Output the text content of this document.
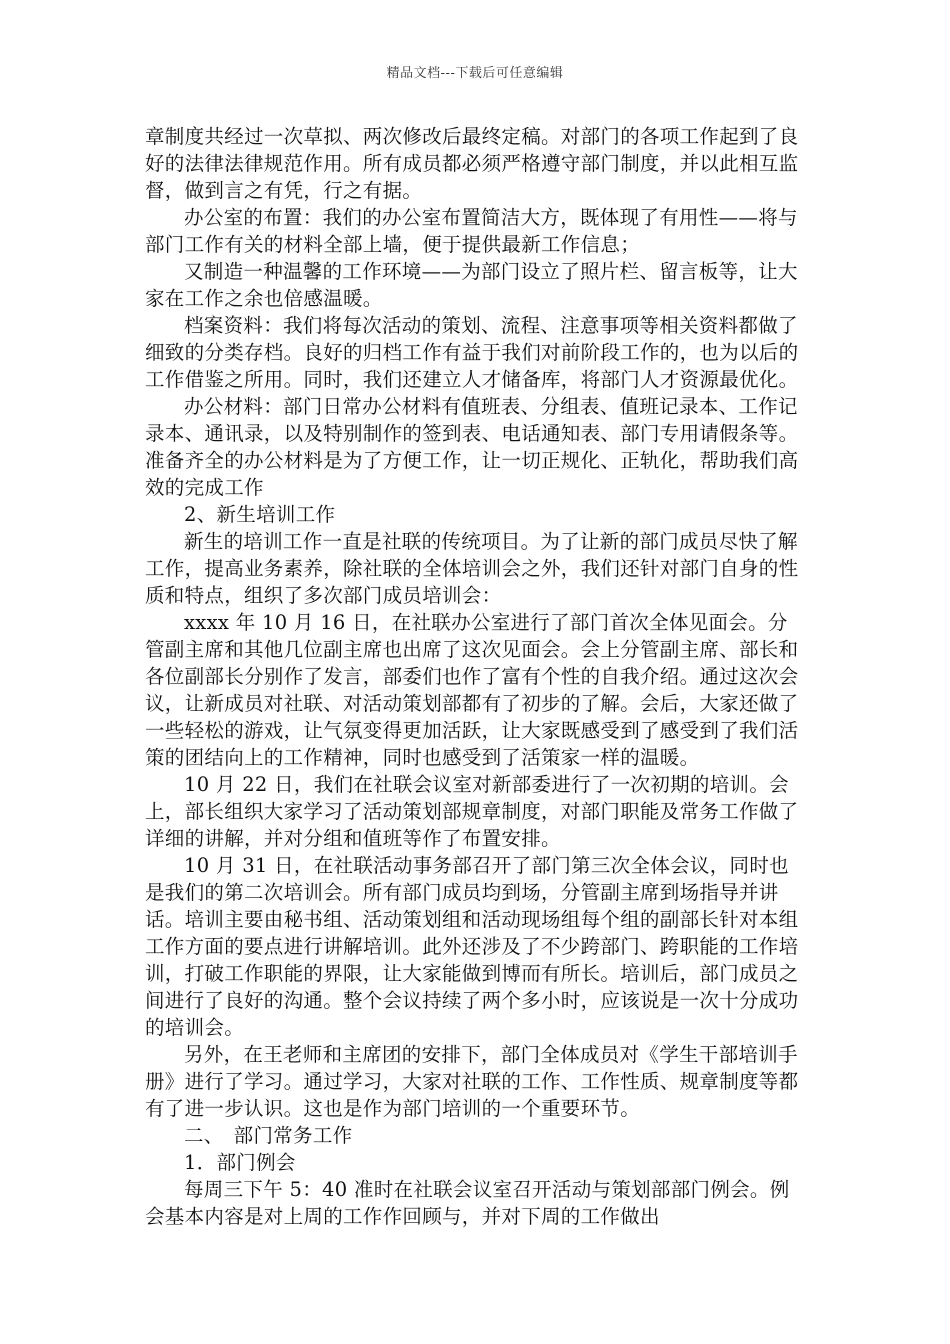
精品文档---下载后可任意编辑

章制度共经过一次草拟、两次修改后最终定稿。对部门的各项工作起到了良好的法律法律规范作用。所有成员都必须严格遵守部门制度，并以此相互监督，做到言之有凭，行之有据。

办公室的布置：我们的办公室布置简洁大方，既体现了有用性——将与部门工作有关的材料全部上墙，便于提供最新工作信息；

又制造一种温馨的工作环境——为部门设立了照片栏、留言板等，让大家在工作之余也倍感温暖。

档案资料：我们将每次活动的策划、流程、注意事项等相关资料都做了细致的分类存档。良好的归档工作有益于我们对前阶段工作的，也为以后的工作借鉴之所用。同时，我们还建立人才储备库，将部门人才资源最优化。

办公材料：部门日常办公材料有值班表、分组表、值班记录本、工作记录本、通讯录，以及特别制作的签到表、电话通知表、部门专用请假条等。准备齐全的办公材料是为了方便工作，让一切正规化、正轨化，帮助我们高效的完成工作

2、新生培训工作

新生的培训工作一直是社联的传统项目。为了让新的部门成员尽快了解工作，提高业务素养，除社联的全体培训会之外，我们还针对部门自身的性质和特点，组织了多次部门成员培训会：

xxxx 年 10 月 16 日，在社联办公室进行了部门首次全体见面会。分管副主席和其他几位副主席也出席了这次见面会。会上分管副主席、部长和各位副部长分别作了发言，部委们也作了富有个性的自我介绍。通过这次会议，让新成员对社联、对活动策划部都有了初步的了解。会后，大家还做了一些轻松的游戏，让气氛变得更加活跃，让大家既感受到了感受到了我们活策的团结向上的工作精神，同时也感受到了活策家一样的温暖。

10 月 22 日，我们在社联会议室对新部委进行了一次初期的培训。会上，部长组织大家学习了活动策划部规章制度，对部门职能及常务工作做了详细的讲解，并对分组和值班等作了布置安排。

10 月 31 日，在社联活动事务部召开了部门第三次全体会议，同时也是我们的第二次培训会。所有部门成员均到场，分管副主席到场指导并讲话。培训主要由秘书组、活动策划组和活动现场组每个组的副部长针对本组工作方面的要点进行讲解培训。此外还涉及了不少跨部门、跨职能的工作培训，打破工作职能的界限，让大家能做到博而有所长。培训后，部门成员之间进行了良好的沟通。整个会议持续了两个多小时，应该说是一次十分成功的培训会。

另外，在王老师和主席团的安排下，部门全体成员对《学生干部培训手册》进行了学习。通过学习，大家对社联的工作、工作性质、规章制度等都有了进一步认识。这也是作为部门培训的一个重要环节。

二、　部门常务工作

1．部门例会

每周三下午 5：40 准时在社联会议室召开活动与策划部部门例会。例会基本内容是对上周的工作作回顾与，并对下周的工作做出
